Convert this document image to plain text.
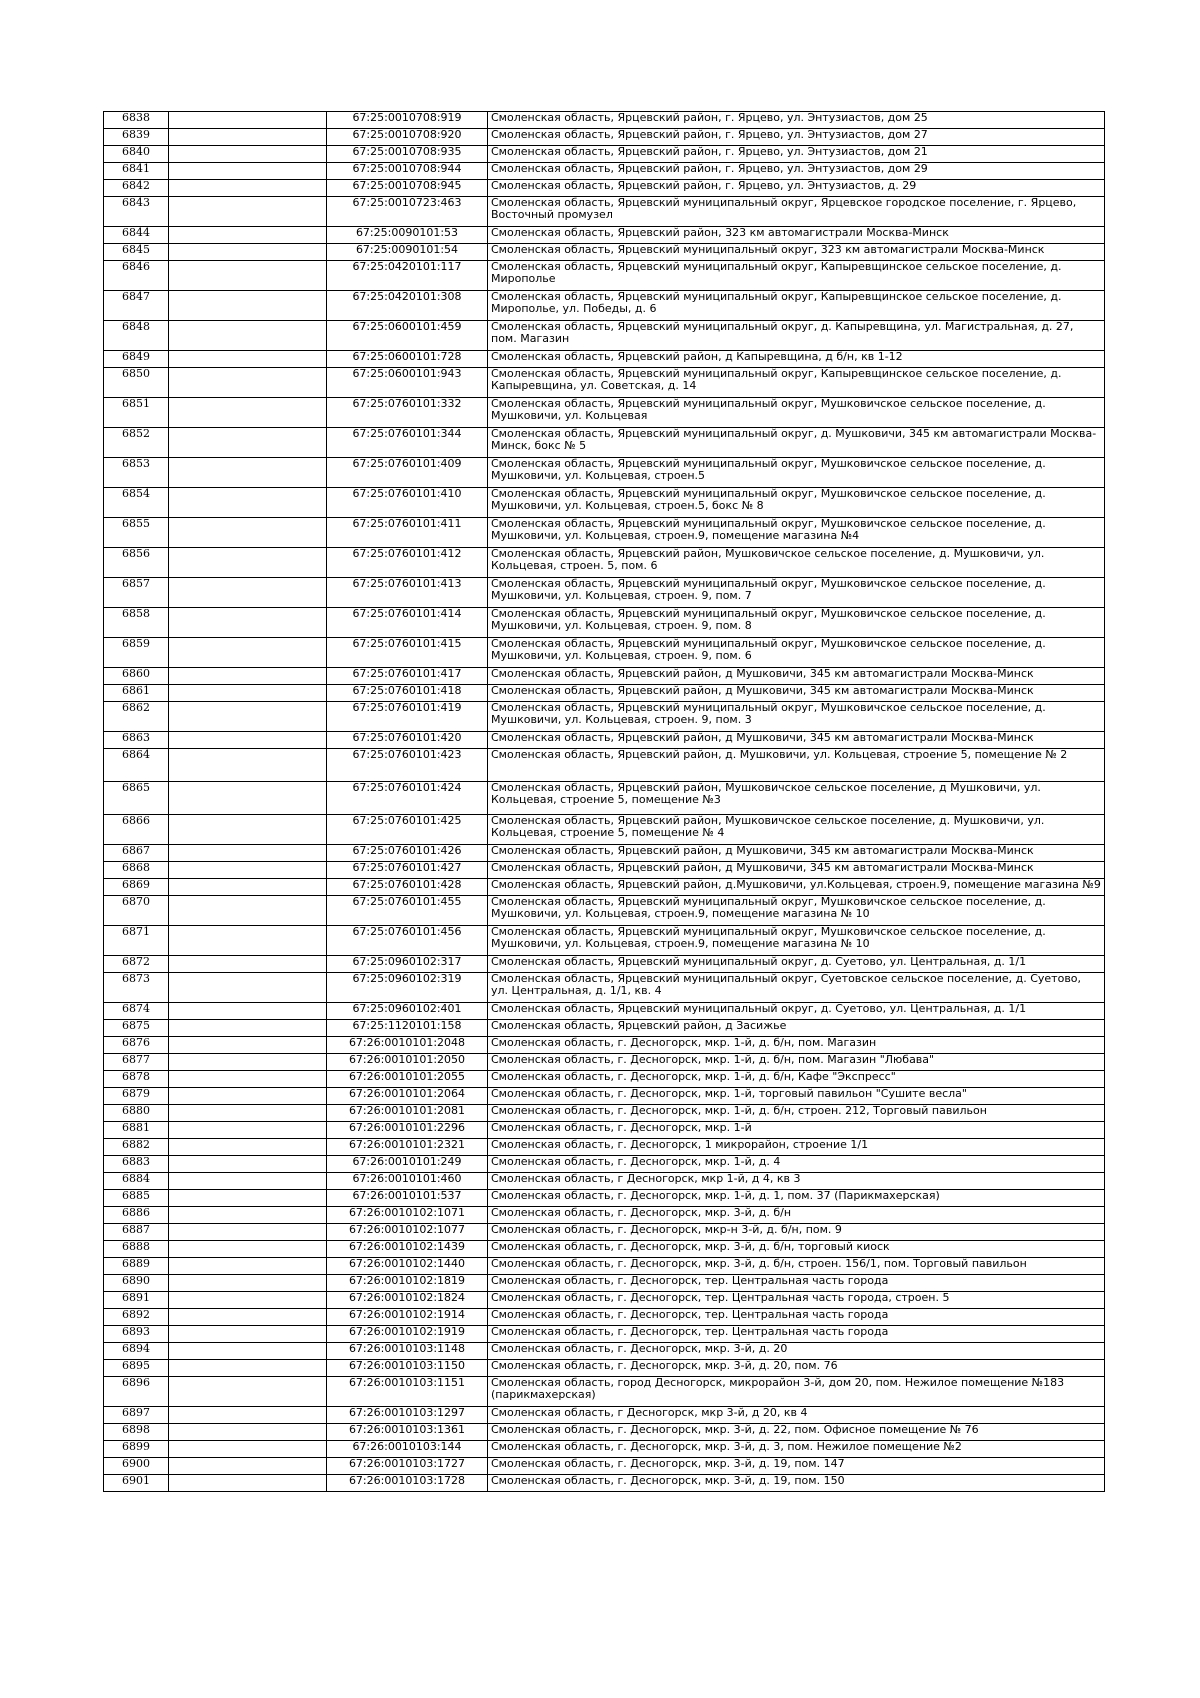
6838		67:25:0010708:919	Смоленская область, Ярцевский район, г. Ярцево, ул. Энтузиастов, дом 25
6839		67:25:0010708:920	Смоленская область, Ярцевский район, г. Ярцево, ул. Энтузиастов, дом 27
6840		67:25:0010708:935	Смоленская область, Ярцевский район, г. Ярцево, ул. Энтузиастов, дом 21
6841		67:25:0010708:944	Смоленская область, Ярцевский район, г. Ярцево, ул. Энтузиастов, дом 29
6842		67:25:0010708:945	Смоленская область, Ярцевский район, г. Ярцево, ул. Энтузиастов, д. 29
6843		67:25:0010723:463	Смоленская область, Ярцевский муниципальный округ, Ярцевское городское поселение, г. Ярцево, Восточный промузел
6844		67:25:0090101:53	Смоленская область, Ярцевский район, 323 км автомагистрали Москва-Минск
6845		67:25:0090101:54	Смоленская область, Ярцевский муниципальный округ, 323 км автомагистрали Москва-Минск
6846		67:25:0420101:117	Смоленская область, Ярцевский муниципальный округ, Капыревщинское сельское поселение, д. Мирополье
6847		67:25:0420101:308	Смоленская область, Ярцевский муниципальный округ, Капыревщинское сельское поселение, д. Мирополье, ул. Победы, д. 6
6848		67:25:0600101:459	Смоленская область, Ярцевский муниципальный округ, д. Капыревщина, ул. Магистральная, д. 27, пом. Магазин
6849		67:25:0600101:728	Смоленская область, Ярцевский район, д Капыревщина, д б/н, кв 1-12
6850		67:25:0600101:943	Смоленская область, Ярцевский муниципальный округ, Капыревщинское сельское поселение, д. Капыревщина, ул. Советская, д. 14
6851		67:25:0760101:332	Смоленская область, Ярцевский муниципальный округ, Мушковичское сельское поселение, д. Мушковичи, ул. Кольцевая
6852		67:25:0760101:344	Смоленская область, Ярцевский муниципальный округ, д. Мушковичи, 345 км автомагистрали Москва-Минск, бокс № 5
6853		67:25:0760101:409	Смоленская область, Ярцевский муниципальный округ, Мушковичское сельское поселение, д. Мушковичи, ул. Кольцевая, строен.5
6854		67:25:0760101:410	Смоленская область, Ярцевский муниципальный округ, Мушковичское сельское поселение, д. Мушковичи, ул. Кольцевая, строен.5, бокс № 8
6855		67:25:0760101:411	Смоленская область, Ярцевский муниципальный округ, Мушковичское сельское поселение, д. Мушковичи, ул. Кольцевая, строен.9, помещение магазина №4
6856		67:25:0760101:412	Смоленская область, Ярцевский район, Мушковичское сельское поселение, д. Мушковичи, ул. Кольцевая, строен. 5, пом. 6
6857		67:25:0760101:413	Смоленская область, Ярцевский муниципальный округ, Мушковичское сельское поселение, д. Мушковичи, ул. Кольцевая, строен. 9, пом. 7
6858		67:25:0760101:414	Смоленская область, Ярцевский муниципальный округ, Мушковичское сельское поселение, д. Мушковичи, ул. Кольцевая, строен. 9, пом. 8
6859		67:25:0760101:415	Смоленская область, Ярцевский муниципальный округ, Мушковичское сельское поселение, д. Мушковичи, ул. Кольцевая, строен. 9, пом. 6
6860		67:25:0760101:417	Смоленская область, Ярцевский район, д Мушковичи, 345 км автомагистрали Москва-Минск
6861		67:25:0760101:418	Смоленская область, Ярцевский район, д Мушковичи, 345 км автомагистрали Москва-Минск
6862		67:25:0760101:419	Смоленская область, Ярцевский муниципальный округ, Мушковичское сельское поселение, д. Мушковичи, ул. Кольцевая, строен. 9, пом. 3
6863		67:25:0760101:420	Смоленская область, Ярцевский район, д Мушковичи, 345 км автомагистрали Москва-Минск
6864		67:25:0760101:423	Смоленская область, Ярцевский район, д. Мушковичи, ул. Кольцевая, строение 5, помещение № 2
6865		67:25:0760101:424	Смоленская область, Ярцевский район, Мушковичское сельское поселение, д Мушковичи, ул. Кольцевая, строение 5, помещение №3
6866		67:25:0760101:425	Смоленская область, Ярцевский район, Мушковичское сельское поселение, д. Мушковичи, ул. Кольцевая, строение 5, помещение № 4
6867		67:25:0760101:426	Смоленская область, Ярцевский район, д Мушковичи, 345 км автомагистрали Москва-Минск
6868		67:25:0760101:427	Смоленская область, Ярцевский район, д Мушковичи, 345 км автомагистрали Москва-Минск
6869		67:25:0760101:428	Смоленская область, Ярцевский район, д.Мушковичи, ул.Кольцевая, строен.9, помещение магазина №9
6870		67:25:0760101:455	Смоленская область, Ярцевский муниципальный округ, Мушковичское сельское поселение, д. Мушковичи, ул. Кольцевая, строен.9, помещение магазина № 10
6871		67:25:0760101:456	Смоленская область, Ярцевский муниципальный округ, Мушковичское сельское поселение, д. Мушковичи, ул. Кольцевая, строен.9, помещение магазина № 10
6872		67:25:0960102:317	Смоленская область, Ярцевский муниципальный округ, д. Суетово, ул. Центральная, д. 1/1
6873		67:25:0960102:319	Смоленская область, Ярцевский муниципальный округ, Суетовское сельское поселение, д. Суетово, ул. Центральная, д. 1/1, кв. 4
6874		67:25:0960102:401	Смоленская область, Ярцевский муниципальный округ, д. Суетово, ул. Центральная, д. 1/1
6875		67:25:1120101:158	Смоленская область, Ярцевский район, д Засижье
6876		67:26:0010101:2048	Смоленская область, г. Десногорск, мкр. 1-й, д. б/н, пом. Магазин
6877		67:26:0010101:2050	Смоленская область, г. Десногорск, мкр. 1-й, д. б/н, пом. Магазин "Любава"
6878		67:26:0010101:2055	Смоленская область, г. Десногорск, мкр. 1-й, д. б/н, Кафе "Экспресс"
6879		67:26:0010101:2064	Смоленская область, г. Десногорск, мкр. 1-й, торговый павильон "Сушите весла"
6880		67:26:0010101:2081	Смоленская область, г. Десногорск, мкр. 1-й, д. б/н, строен. 212, Торговый павильон
6881		67:26:0010101:2296	Смоленская область, г. Десногорск, мкр. 1-й
6882		67:26:0010101:2321	Смоленская область, г. Десногорск, 1 микрорайон, строение 1/1
6883		67:26:0010101:249	Смоленская область, г. Десногорск, мкр. 1-й, д. 4
6884		67:26:0010101:460	Смоленская область, г Десногорск, мкр 1-й, д 4, кв 3
6885		67:26:0010101:537	Смоленская область, г. Десногорск, мкр. 1-й, д. 1, пом. 37 (Парикмахерская)
6886		67:26:0010102:1071	Смоленская область, г. Десногорск, мкр. 3-й, д. б/н
6887		67:26:0010102:1077	Смоленская область, г. Десногорск, мкр-н 3-й, д. б/н, пом. 9
6888		67:26:0010102:1439	Смоленская область, г. Десногорск, мкр. 3-й, д. б/н, торговый киоск
6889		67:26:0010102:1440	Смоленская область, г. Десногорск, мкр. 3-й, д. б/н, строен. 156/1, пом. Торговый павильон
6890		67:26:0010102:1819	Смоленская область, г. Десногорск, тер. Центральная часть города
6891		67:26:0010102:1824	Смоленская область, г. Десногорск, тер. Центральная часть города, строен. 5
6892		67:26:0010102:1914	Смоленская область, г. Десногорск, тер. Центральная часть города
6893		67:26:0010102:1919	Смоленская область, г. Десногорск, тер. Центральная часть города
6894		67:26:0010103:1148	Смоленская область, г. Десногорск, мкр. 3-й, д. 20
6895		67:26:0010103:1150	Смоленская область, г. Десногорск, мкр. 3-й, д. 20, пом. 76
6896		67:26:0010103:1151	Смоленская область, город Десногорск, микрорайон 3-й, дом 20, пом. Нежилое помещение №183 (парикмахерская)
6897		67:26:0010103:1297	Смоленская область, г Десногорск, мкр 3-й, д 20, кв 4
6898		67:26:0010103:1361	Смоленская область, г. Десногорск, мкр. 3-й, д. 22, пом. Офисное помещение № 76
6899		67:26:0010103:144	Смоленская область, г. Десногорск, мкр. 3-й, д. 3, пом. Нежилое помещение №2
6900		67:26:0010103:1727	Смоленская область, г. Десногорск, мкр. 3-й, д. 19, пом. 147
6901		67:26:0010103:1728	Смоленская область, г. Десногорск, мкр. 3-й, д. 19, пом. 150
